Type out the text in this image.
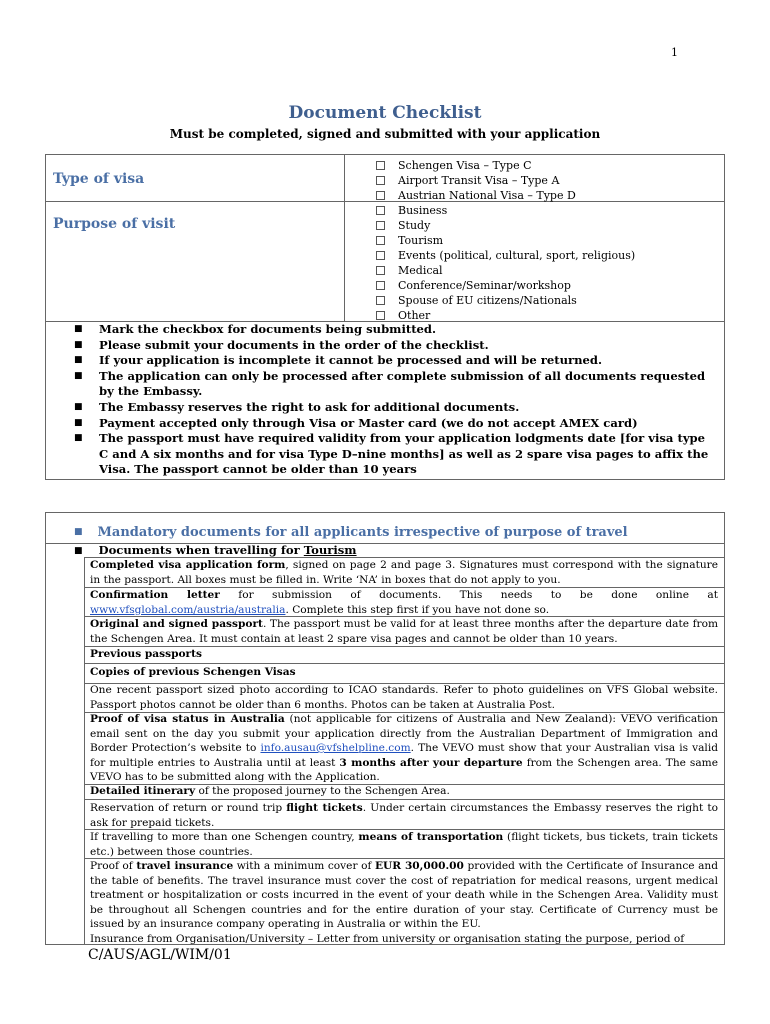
1
Document Checklist
Must be completed, signed and submitted with your application
Type of visa
Purpose of visit
Schengen Visa – Type C
Airport Transit Visa – Type A
Austrian National Visa – Type D
Business
Study
Tourism
Events (political, cultural, sport, religious)
Medical
Conference/Seminar/workshop
Spouse of EU citizens/Nationals
Other
■ Mark the checkbox for documents being submitted.
■ Please submit your documents in the order of the checklist.
■ If your application is incomplete it cannot be processed and will be returned.
■ The application can only be processed after complete submission of all documents requested by the Embassy.
■ The Embassy reserves the right to ask for additional documents.
■ Payment accepted only through Visa or Master card (we do not accept AMEX card)
■ The passport must have required validity from your application lodgments date [for visa type C and A six months and for visa Type D–nine months] as well as 2 spare visa pages to affix the Visa. The passport cannot be older than 10 years
■ Mandatory documents for all applicants irrespective of purpose of travel
■ Documents when travelling for Tourism
Completed visa application form, signed on page 2 and page 3. Signatures must correspond with the signature in the passport. All boxes must be filled in. Write ‘NA’ in boxes that do not apply to you.
Confirmation letter for submission of documents. This needs to be done online at www.vfsglobal.com/austria/australia. Complete this step first if you have not done so.
Original and signed passport. The passport must be valid for at least three months after the departure date from the Schengen Area. It must contain at least 2 spare visa pages and cannot be older than 10 years.
Previous passports
Copies of previous Schengen Visas
One recent passport sized photo according to ICAO standards. Refer to photo guidelines on VFS Global website. Passport photos cannot be older than 6 months. Photos can be taken at Australia Post.
Proof of visa status in Australia (not applicable for citizens of Australia and New Zealand): VEVO verification email sent on the day you submit your application directly from the Australian Department of Immigration and Border Protection’s website to info.ausau@vfshelpline.com. The VEVO must show that your Australian visa is valid for multiple entries to Australia until at least 3 months after your departure from the Schengen area. The same VEVO has to be submitted along with the Application.
Detailed itinerary of the proposed journey to the Schengen Area.
Reservation of return or round trip flight tickets. Under certain circumstances the Embassy reserves the right to ask for prepaid tickets.
If travelling to more than one Schengen country, means of transportation (flight tickets, bus tickets, train tickets etc.) between those countries.
Proof of travel insurance with a minimum cover of EUR 30,000.00 provided with the Certificate of Insurance and the table of benefits. The travel insurance must cover the cost of repatriation for medical reasons, urgent medical treatment or hospitalization or costs incurred in the event of your death while in the Schengen Area. Validity must be throughout all Schengen countries and for the entire duration of your stay. Certificate of Currency must be issued by an insurance company operating in Australia or within the EU.
Insurance from Organisation/University – Letter from university or organisation stating the purpose, period of
C/AUS/AGL/WIM/01
